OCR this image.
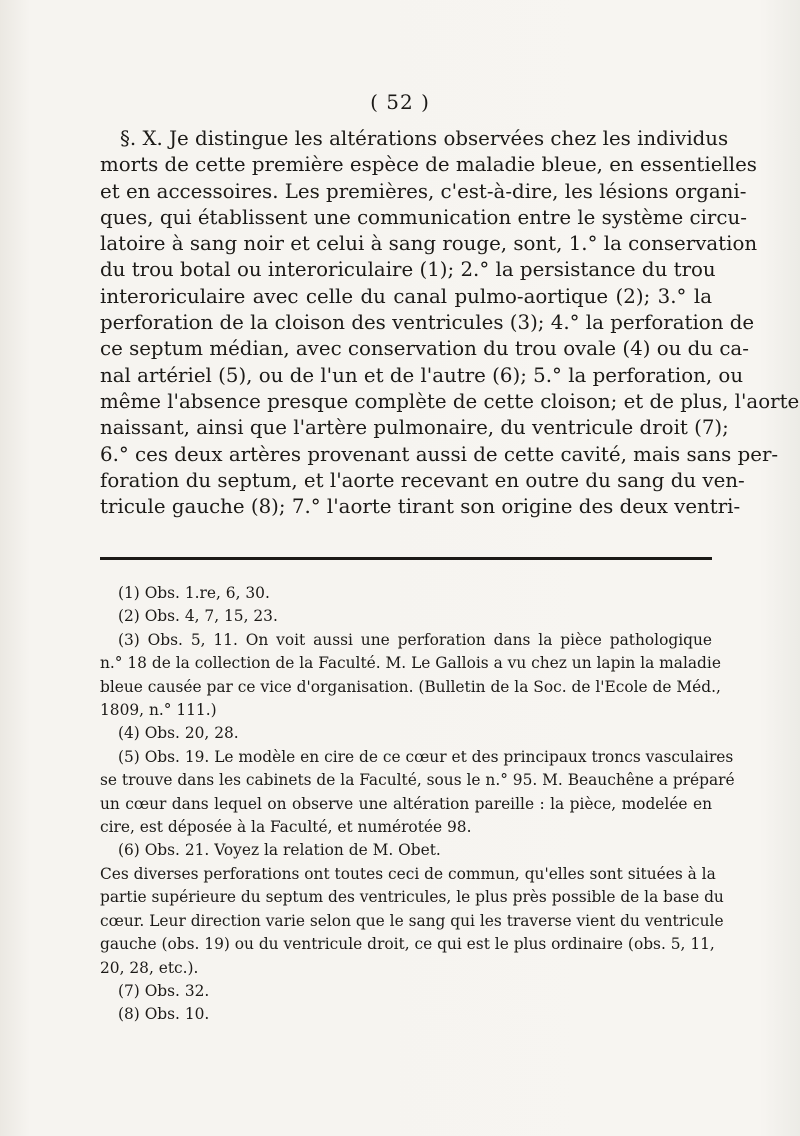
( 52 )
§. X. Je distingue les altérations observées chez les individus
morts de cette première espèce de maladie bleue, en essentielles
et en accessoires. Les premières, c'est-à-dire, les lésions organi-
ques, qui établissent une communication entre le système circu-
latoire à sang noir et celui à sang rouge, sont, 1.° la conservation
du trou botal ou interoriculaire (1); 2.° la persistance du trou
interoriculaire avec celle du canal pulmo-aortique (2); 3.° la
perforation de la cloison des ventricules (3); 4.° la perforation de
ce septum médian, avec conservation du trou ovale (4) ou du ca-
nal artériel (5), ou de l'un et de l'autre (6); 5.° la perforation, ou
même l'absence presque complète de cette cloison; et de plus, l'aorte
naissant, ainsi que l'artère pulmonaire, du ventricule droit (7);
6.° ces deux artères provenant aussi de cette cavité, mais sans per-
foration du septum, et l'aorte recevant en outre du sang du ven-
tricule gauche (8); 7.° l'aorte tirant son origine des deux ventri-
(1) Obs. 1.re, 6, 30.
(2) Obs. 4, 7, 15, 23.
(3) Obs. 5, 11. On voit aussi une perforation dans la pièce pathologique
n.° 18 de la collection de la Faculté. M. Le Gallois a vu chez un lapin la maladie
bleue causée par ce vice d'organisation. (Bulletin de la Soc. de l'Ecole de Méd.,
1809, n.° 111.)
(4) Obs. 20, 28.
(5) Obs. 19. Le modèle en cire de ce cœur et des principaux troncs vasculaires
se trouve dans les cabinets de la Faculté, sous le n.° 95. M. Beauchêne a préparé
un cœur dans lequel on observe une altération pareille : la pièce, modelée en
cire, est déposée à la Faculté, et numérotée 98.
(6) Obs. 21. Voyez la relation de M. Obet.
Ces diverses perforations ont toutes ceci de commun, qu'elles sont situées à la
partie supérieure du septum des ventricules, le plus près possible de la base du
cœur. Leur direction varie selon que le sang qui les traverse vient du ventricule
gauche (obs. 19) ou du ventricule droit, ce qui est le plus ordinaire (obs. 5, 11,
20, 28, etc.).
(7) Obs. 32.
(8) Obs. 10.
